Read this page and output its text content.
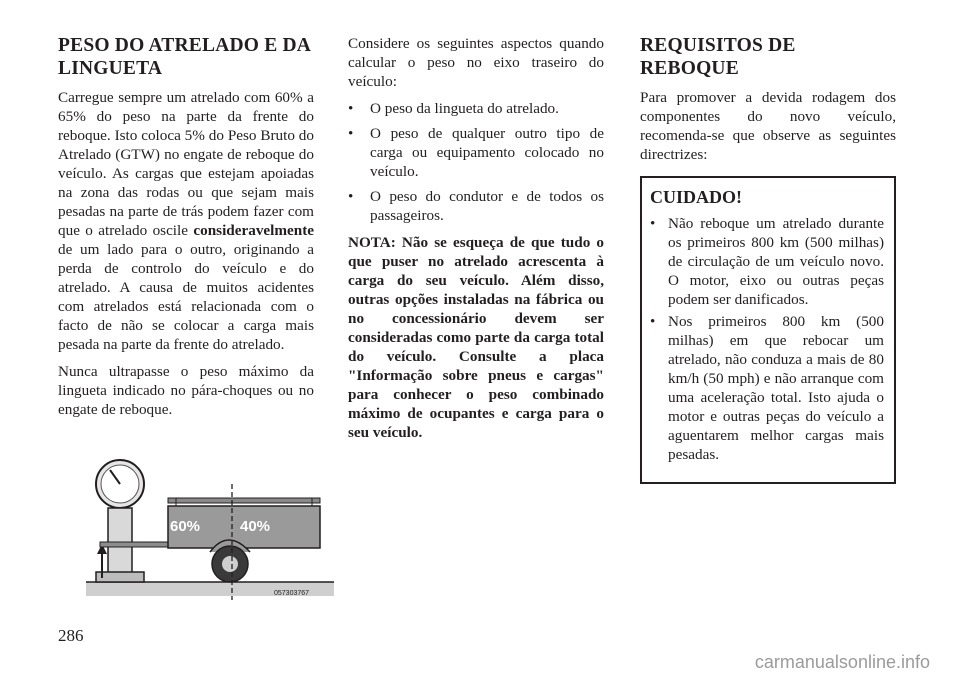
PESO DO ATRELADO E DA LINGUETA

Carregue sempre um atrelado com 60% a 65% do peso na parte da frente do reboque. Isto coloca 5% do Peso Bruto do Atrelado (GTW) no engate de reboque do veículo. As cargas que estejam apoiadas na zona das rodas ou que sejam mais pesadas na parte de trás podem fazer com que o atrelado oscile consideravelmente de um lado para o outro, originando a perda de controlo do veículo e do atrelado. A causa de muitos acidentes com atrelados está relacionada com o facto de não se colocar a carga mais pesada na parte da frente do atrelado.

Nunca ultrapasse o peso máximo da lingueta indicado no pára-choques ou no engate de reboque.

60%	40%
057303767

Considere os seguintes aspectos quando calcular o peso no eixo traseiro do veículo:

• O peso da lingueta do atrelado.
• O peso de qualquer outro tipo de carga ou equipamento colocado no veículo.
• O peso do condutor e de todos os passageiros.

NOTA: Não se esqueça de que tudo o que puser no atrelado acrescenta à carga do seu veículo. Além disso, outras opções instaladas na fábrica ou no concessionário devem ser consideradas como parte da carga total do veículo. Consulte a placa "Informação sobre pneus e cargas" para conhecer o peso combinado máximo de ocupantes e carga para o seu veículo.

REQUISITOS DE REBOQUE

Para promover a devida rodagem dos componentes do novo veículo, recomenda-se que observe as seguintes directrizes:

CUIDADO!
• Não reboque um atrelado durante os primeiros 800 km (500 milhas) de circulação de um veículo novo. O motor, eixo ou outras peças podem ser danificados.
• Nos primeiros 800 km (500 milhas) em que rebocar um atrelado, não conduza a mais de 80 km/h (50 mph) e não arranque com uma aceleração total. Isto ajuda o motor e outras peças do veículo a aguentarem melhor cargas mais pesadas.
286
carmanualsonline.info
